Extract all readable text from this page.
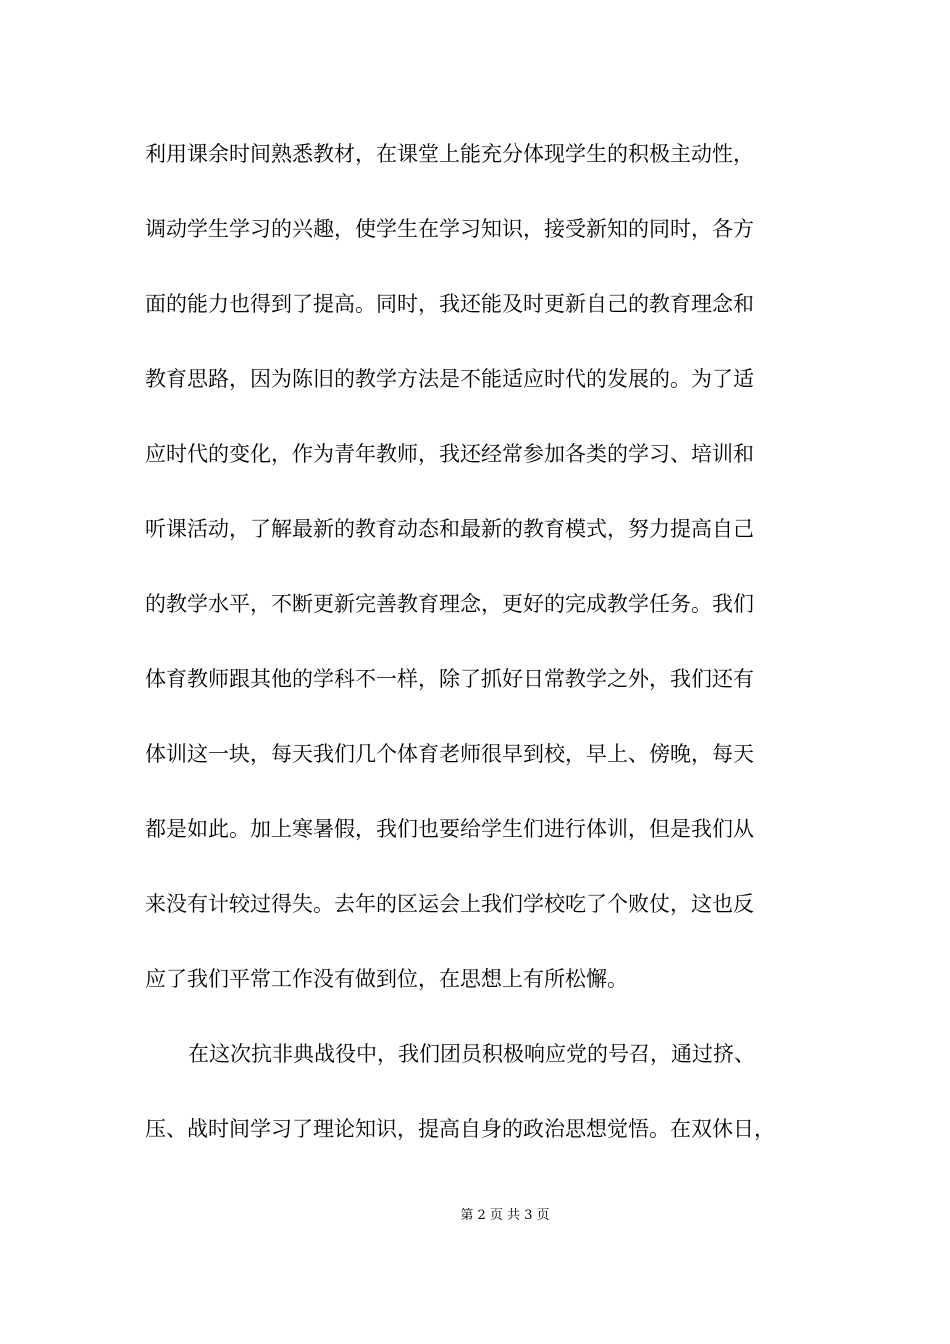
利用课余时间熟悉教材，在课堂上能充分体现学生的积极主动性，
调动学生学习的兴趣，使学生在学习知识，接受新知的同时，各方
面的能力也得到了提高。同时，我还能及时更新自己的教育理念和
教育思路，因为陈旧的教学方法是不能适应时代的发展的。为了适
应时代的变化，作为青年教师，我还经常参加各类的学习、培训和
听课活动，了解最新的教育动态和最新的教育模式，努力提高自己
的教学水平，不断更新完善教育理念，更好的完成教学任务。我们
体育教师跟其他的学科不一样，除了抓好日常教学之外，我们还有
体训这一块，每天我们几个体育老师很早到校，早上、傍晚，每天
都是如此。加上寒暑假，我们也要给学生们进行体训，但是我们从
来没有计较过得失。去年的区运会上我们学校吃了个败仗，这也反
应了我们平常工作没有做到位，在思想上有所松懈。
在这次抗非典战役中，我们团员积极响应党的号召，通过挤、
压、战时间学习了理论知识，提高自身的政治思想觉悟。在双休日，
第 2 页 共 3 页
